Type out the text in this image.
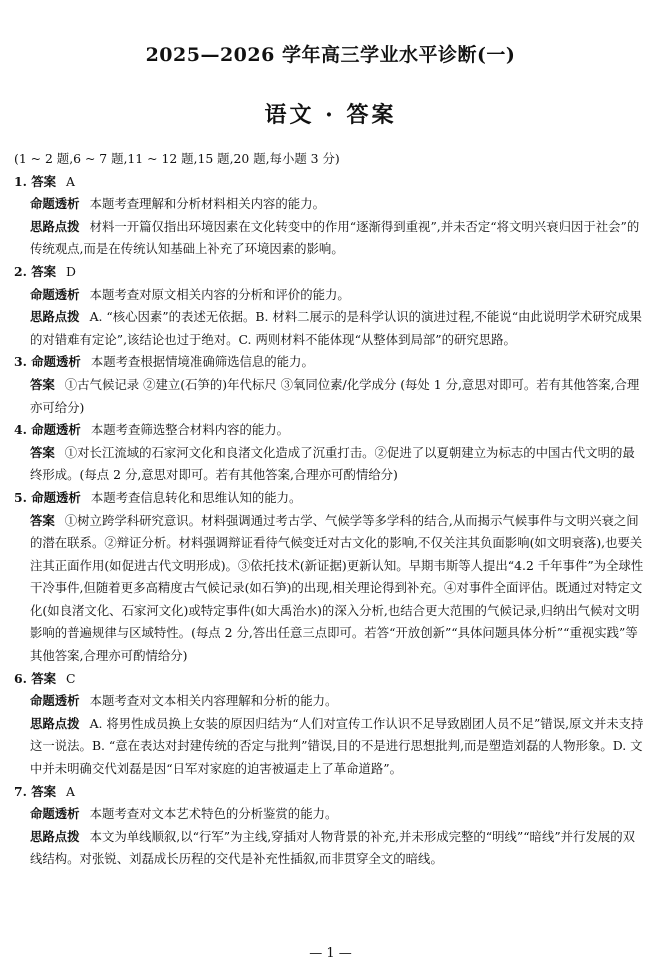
2025—2026 学年高三学业水平诊断(一)
语文 · 答案

(1 ~ 2 题,6 ~ 7 题,11 ~ 12 题,15 题,20 题,每小题 3 分)

1. 答案 A

命题透析 本题考查理解和分析材料相关内容的能力。

思路点拨 材料一开篇仅指出环境因素在文化转变中的作用“逐渐得到重视”,并未否定“将文明兴衰归因于社会”的传统观点,而是在传统认知基础上补充了环境因素的影响。

2. 答案 D

命题透析 本题考查对原文相关内容的分析和评价的能力。

思路点拨 A. “核心因素”的表述无依据。B. 材料二展示的是科学认识的演进过程,不能说“由此说明学术研究成果的对错难有定论”,该结论也过于绝对。C. 两则材料不能体现“从整体到局部”的研究思路。

3. 命题透析 本题考查根据情境准确筛选信息的能力。

答案 ①古气候记录 ②建立(石笋的)年代标尺 ③氧同位素/化学成分 (每处 1 分,意思对即可。若有其他答案,合理亦可给分)

4. 命题透析 本题考查筛选整合材料内容的能力。

答案 ①对长江流域的石家河文化和良渚文化造成了沉重打击。②促进了以夏朝建立为标志的中国古代文明的最终形成。(每点 2 分,意思对即可。若有其他答案,合理亦可酌情给分)

5. 命题透析 本题考查信息转化和思维认知的能力。

答案 ①树立跨学科研究意识。材料强调通过考古学、气候学等多学科的结合,从而揭示气候事件与文明兴衰之间的潜在联系。②辩证分析。材料强调辩证看待气候变迁对古文化的影响,不仅关注其负面影响(如文明衰落),也要关注其正面作用(如促进古代文明形成)。③依托技术(新证据)更新认知。早期韦斯等人提出“4.2 千年事件”为全球性干冷事件,但随着更多高精度古气候记录(如石笋)的出现,相关理论得到补充。④对事件全面评估。既通过对特定文化(如良渚文化、石家河文化)或特定事件(如大禹治水)的深入分析,也结合更大范围的气候记录,归纳出气候对文明影响的普遍规律与区域特性。(每点 2 分,答出任意三点即可。若答“开放创新”“具体问题具体分析”“重视实践”等其他答案,合理亦可酌情给分)

6. 答案 C

命题透析 本题考查对文本相关内容理解和分析的能力。

思路点拨 A. 将男性成员换上女装的原因归结为“人们对宣传工作认识不足导致剧团人员不足”错误,原文并未支持这一说法。B. “意在表达对封建传统的否定与批判”错误,目的不是进行思想批判,而是塑造刘磊的人物形象。D. 文中并未明确交代刘磊是因“日军对家庭的迫害被逼走上了革命道路”。

7. 答案 A

命题透析 本题考查对文本艺术特色的分析鉴赏的能力。

思路点拨 本文为单线顺叙,以“行军”为主线,穿插对人物背景的补充,并未形成完整的“明线”“暗线”并行发展的双线结构。对张锐、刘磊成长历程的交代是补充性插叙,而非贯穿全文的暗线。

— 1 —
